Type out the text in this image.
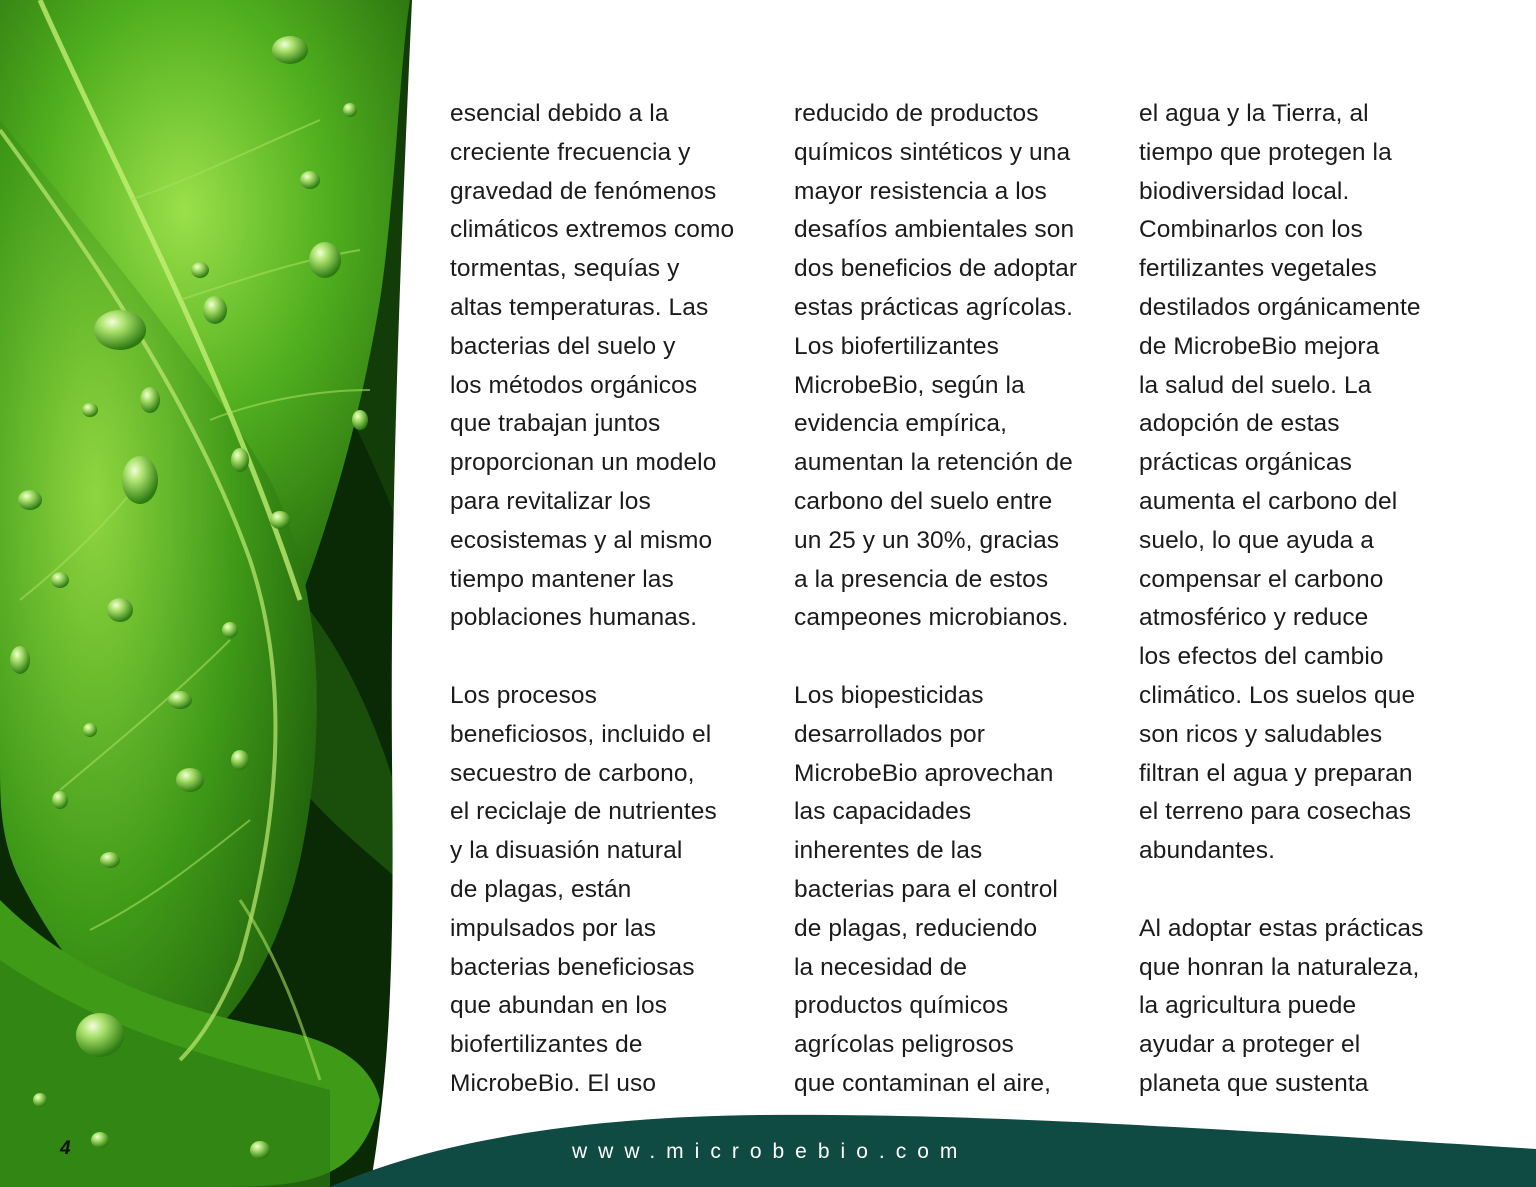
esencial debido a la
creciente frecuencia y
gravedad de fenómenos
climáticos extremos como
tormentas, sequías y
altas temperaturas. Las
bacterias del suelo y
los métodos orgánicos
que trabajan juntos
proporcionan un modelo
para revitalizar los
ecosistemas y al mismo
tiempo mantener las
poblaciones humanas.
Los procesos
beneficiosos, incluido el
secuestro de carbono,
el reciclaje de nutrientes
y la disuasión natural
de plagas, están
impulsados por las
bacterias beneficiosas
que abundan en los
biofertilizantes de
MicrobeBio. El uso
reducido de productos
químicos sintéticos y una
mayor resistencia a los
desafíos ambientales son
dos beneficios de adoptar
estas prácticas agrícolas.
Los biofertilizantes
MicrobeBio, según la
evidencia empírica,
aumentan la retención de
carbono del suelo entre
un 25 y un 30%, gracias
a la presencia de estos
campeones microbianos.
Los biopesticidas
desarrollados por
MicrobeBio aprovechan
las capacidades
inherentes de las
bacterias para el control
de plagas, reduciendo
la necesidad de
productos químicos
agrícolas peligrosos
que contaminan el aire,
el agua y la Tierra, al
tiempo que protegen la
biodiversidad local.
Combinarlos con los
fertilizantes vegetales
destilados orgánicamente
de MicrobeBio mejora
la salud del suelo. La
adopción de estas
prácticas orgánicas
aumenta el carbono del
suelo, lo que ayuda a
compensar el carbono
atmosférico y reduce
los efectos del cambio
climático. Los suelos que
son ricos y saludables
filtran el agua y preparan
el terreno para cosechas
abundantes.
Al adoptar estas prácticas
que honran la naturaleza,
la agricultura puede
ayudar a proteger el
planeta que sustenta
4	www.microbebio.com
